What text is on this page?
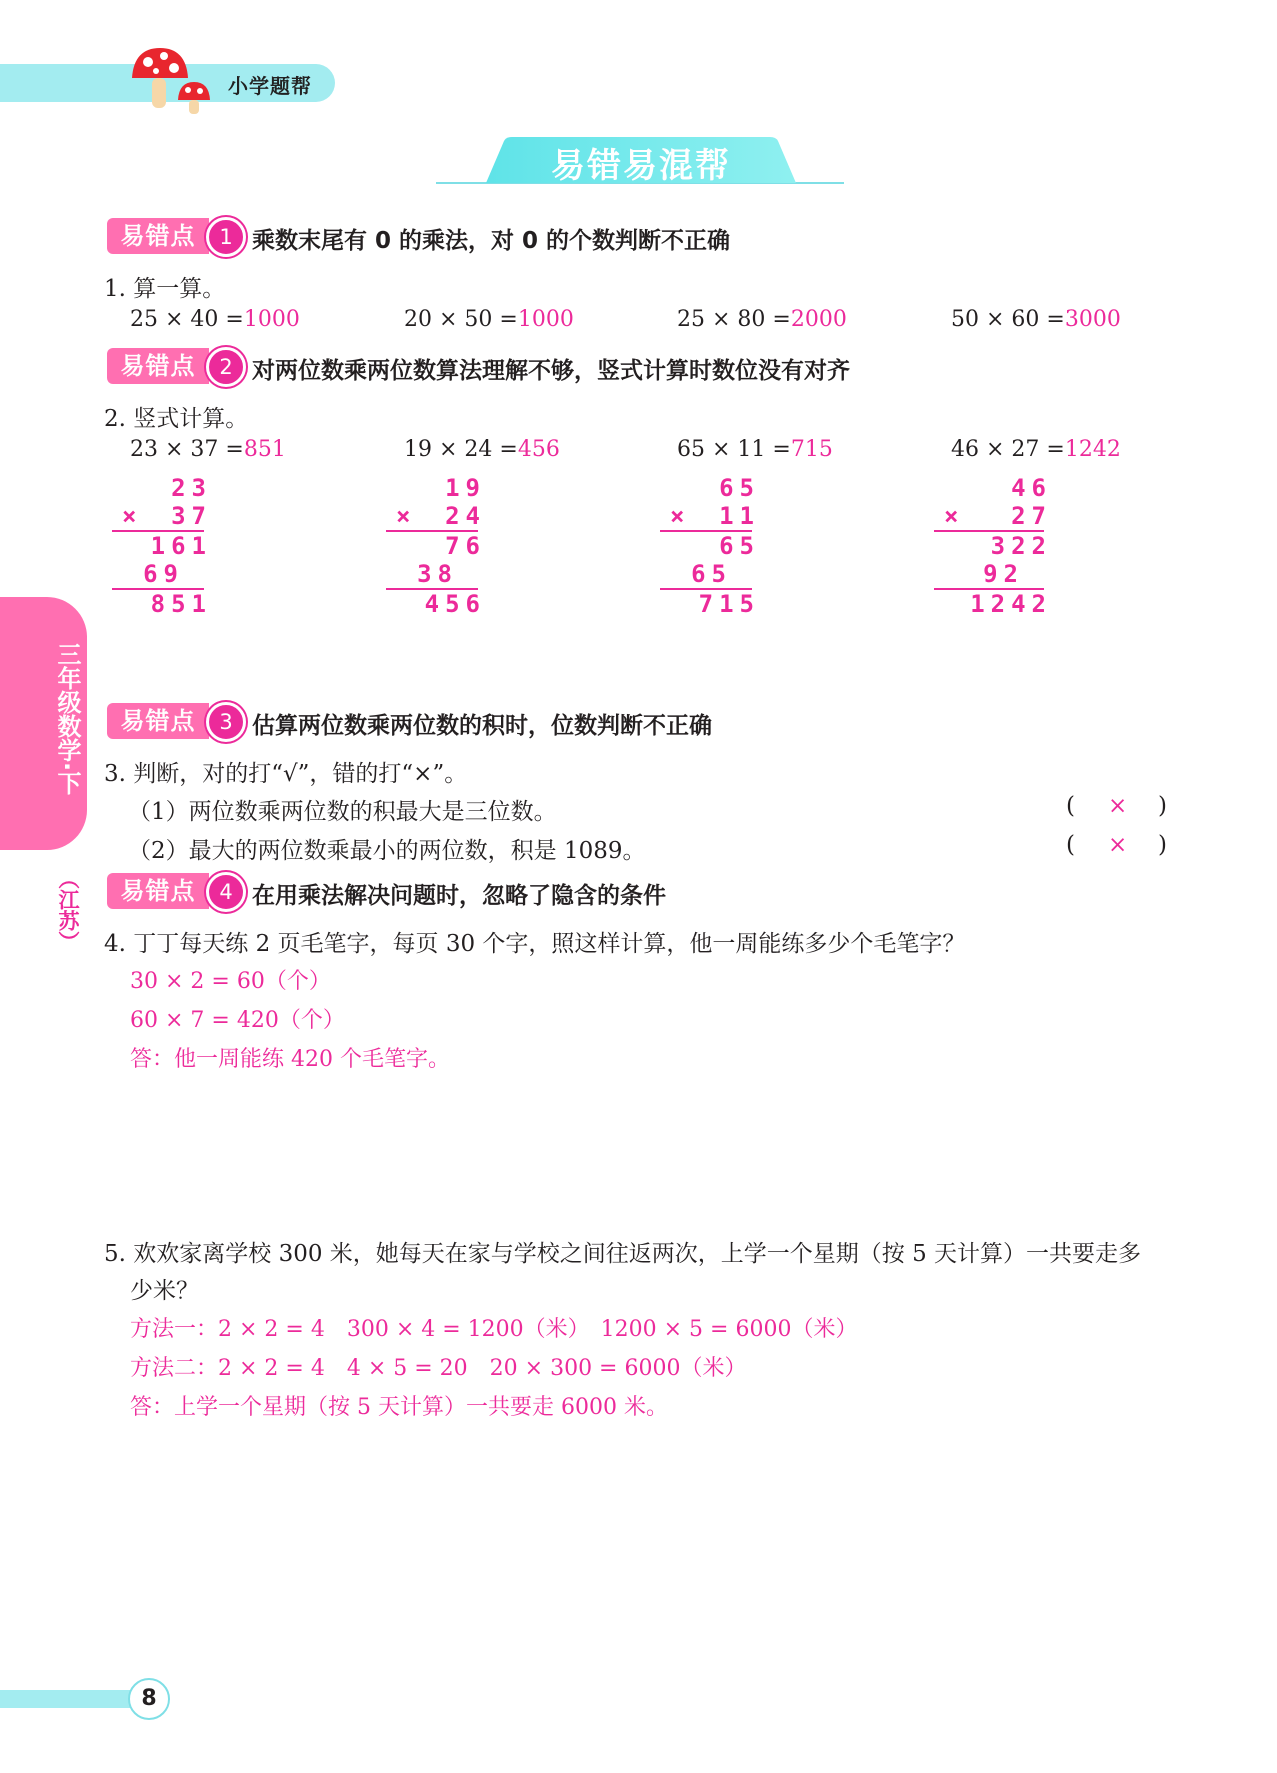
小学题帮
易错易混帮
三年级数学·下
（江苏）
易错点	1 乘数末尾有 0 的乘法，对 0 的个数判断不正确
1. 算一算。
25 × 40 =1000	20 × 50 =1000	25 × 80 =2000	50 × 60 =3000
易错点	2 对两位数乘两位数算法理解不够，竖式计算时数位没有对齐
2. 竖式计算。
23 × 37 =851	19 × 24 =456	65 × 11 =715	46 × 27 =1242
23
× 37
161
69
851
19
× 24
76
38
456
65
× 11
65
65
715
46
× 27
322
92
1242
易错点	3 估算两位数乘两位数的积时，位数判断不正确
3. 判断，对的打“√”，错的打“×”。
（1）两位数乘两位数的积最大是三位数。	( × )
（2）最大的两位数乘最小的两位数，积是 1089。	( × )
易错点	4 在用乘法解决问题时，忽略了隐含的条件
4. 丁丁每天练 2 页毛笔字，每页 30 个字，照这样计算，他一周能练多少个毛笔字？
30 × 2 = 60（个）
60 × 7 = 420（个）
答：他一周能练 420 个毛笔字。
5. 欢欢家离学校 300 米，她每天在家与学校之间往返两次，上学一个星期（按 5 天计算）一共要走多
少米？
方法一：2 × 2 = 4　300 × 4 = 1200（米）　1200 × 5 = 6000（米）
方法二：2 × 2 = 4　4 × 5 = 20　20 × 300 = 6000（米）
答：上学一个星期（按 5 天计算）一共要走 6000 米。
8
